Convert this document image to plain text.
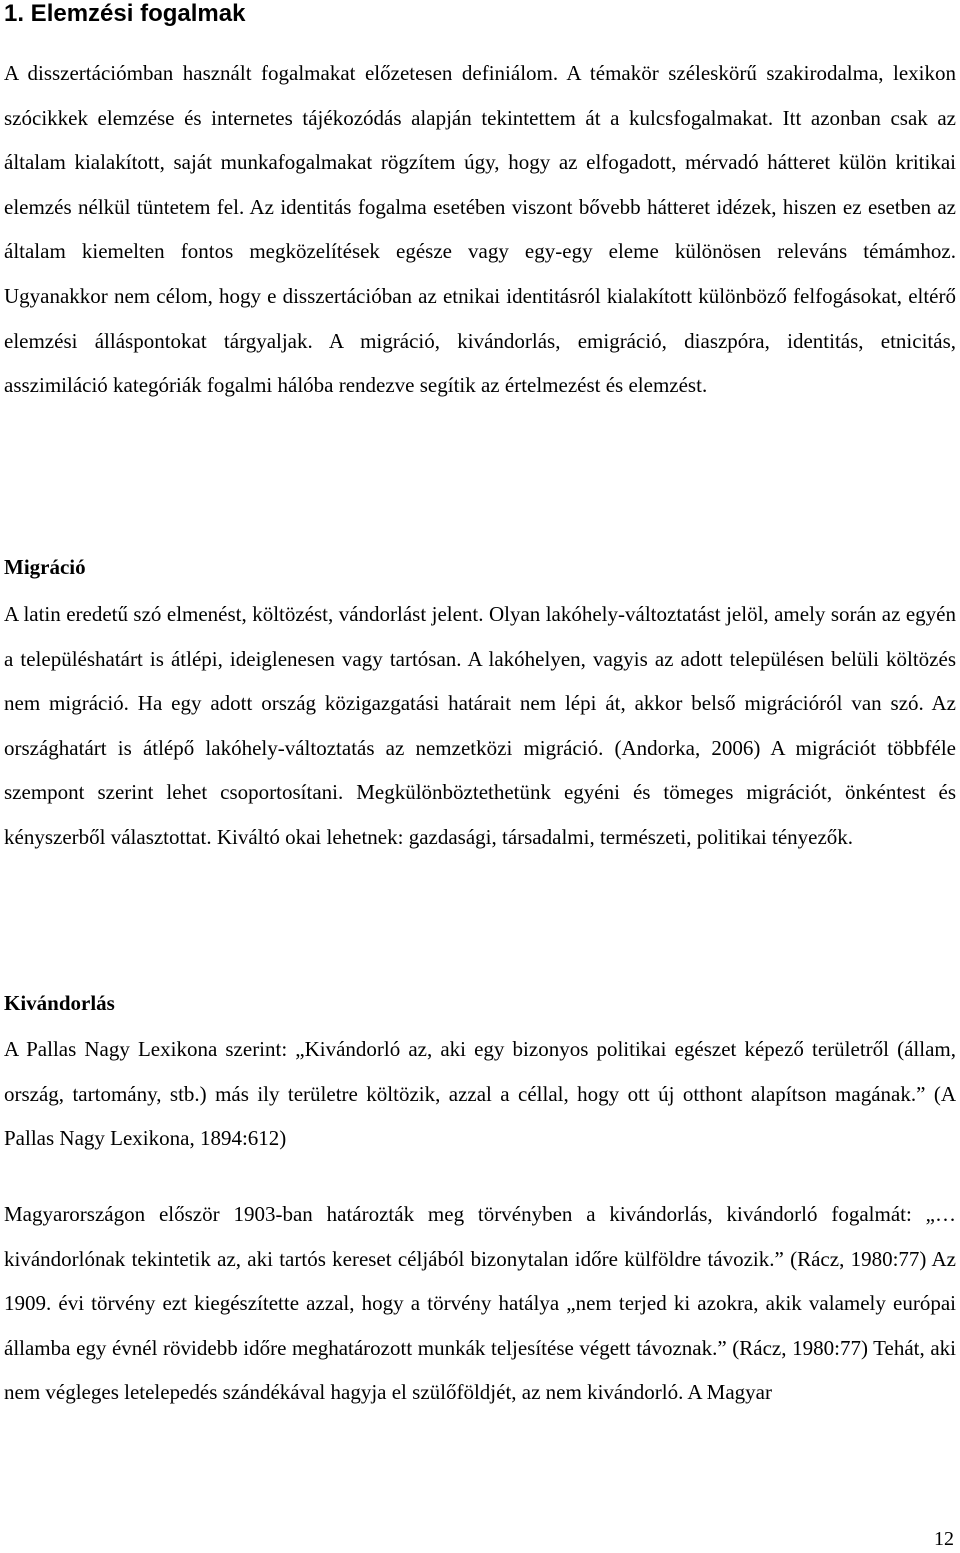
1. Elemzési fogalmak

A disszertációmban használt fogalmakat előzetesen definiálom. A témakör széleskörű szakirodalma, lexikon szócikkek elemzése és internetes tájékozódás alapján tekintettem át a kulcsfogalmakat. Itt azonban csak az általam kialakított, saját munkafogalmakat rögzítem úgy, hogy az elfogadott, mérvadó hátteret külön kritikai elemzés nélkül tüntetem fel. Az identitás fogalma esetében viszont bővebb hátteret idézek, hiszen ez esetben az általam kiemelten fontos megközelítések egésze vagy egy-egy eleme különösen releváns témámhoz. Ugyanakkor nem célom, hogy e disszertációban az etnikai identitásról kialakított különböző felfogásokat, eltérő elemzési álláspontokat tárgyaljak. A migráció, kivándorlás, emigráció, diaszpóra, identitás, etnicitás, asszimiláció kategóriák fogalmi hálóba rendezve segítik az értelmezést és elemzést.

Migráció

A latin eredetű szó elmenést, költözést, vándorlást jelent. Olyan lakóhely-változtatást jelöl, amely során az egyén a településhatárt is átlépi, ideiglenesen vagy tartósan. A lakóhelyen, vagyis az adott településen belüli költözés nem migráció. Ha egy adott ország közigazgatási határait nem lépi át, akkor belső migrációról van szó. Az országhatárt is átlépő lakóhely-változtatás az nemzetközi migráció. (Andorka, 2006) A migrációt többféle szempont szerint lehet csoportosítani. Megkülönböztethetünk egyéni és tömeges migrációt, önkéntest és kényszerből választottat. Kiváltó okai lehetnek: gazdasági, társadalmi, természeti, politikai tényezők.

Kivándorlás

A Pallas Nagy Lexikona szerint: „Kivándorló az, aki egy bizonyos politikai egészet képező területről (állam, ország, tartomány, stb.) más ily területre költözik, azzal a céllal, hogy ott új otthont alapítson magának.” (A Pallas Nagy Lexikona, 1894:612)

Magyarországon először 1903-ban határozták meg törvényben a kivándorlás, kivándorló fogalmát: „…kivándorlónak tekintetik az, aki tartós kereset céljából bizonytalan időre külföldre távozik.” (Rácz, 1980:77) Az 1909. évi törvény ezt kiegészítette azzal, hogy a törvény hatálya „nem terjed ki azokra, akik valamely európai államba egy évnél rövidebb időre meghatározott munkák teljesítése végett távoznak.” (Rácz, 1980:77) Tehát, aki nem végleges letelepedés szándékával hagyja el szülőföldjét, az nem kivándorló. A Magyar

12
